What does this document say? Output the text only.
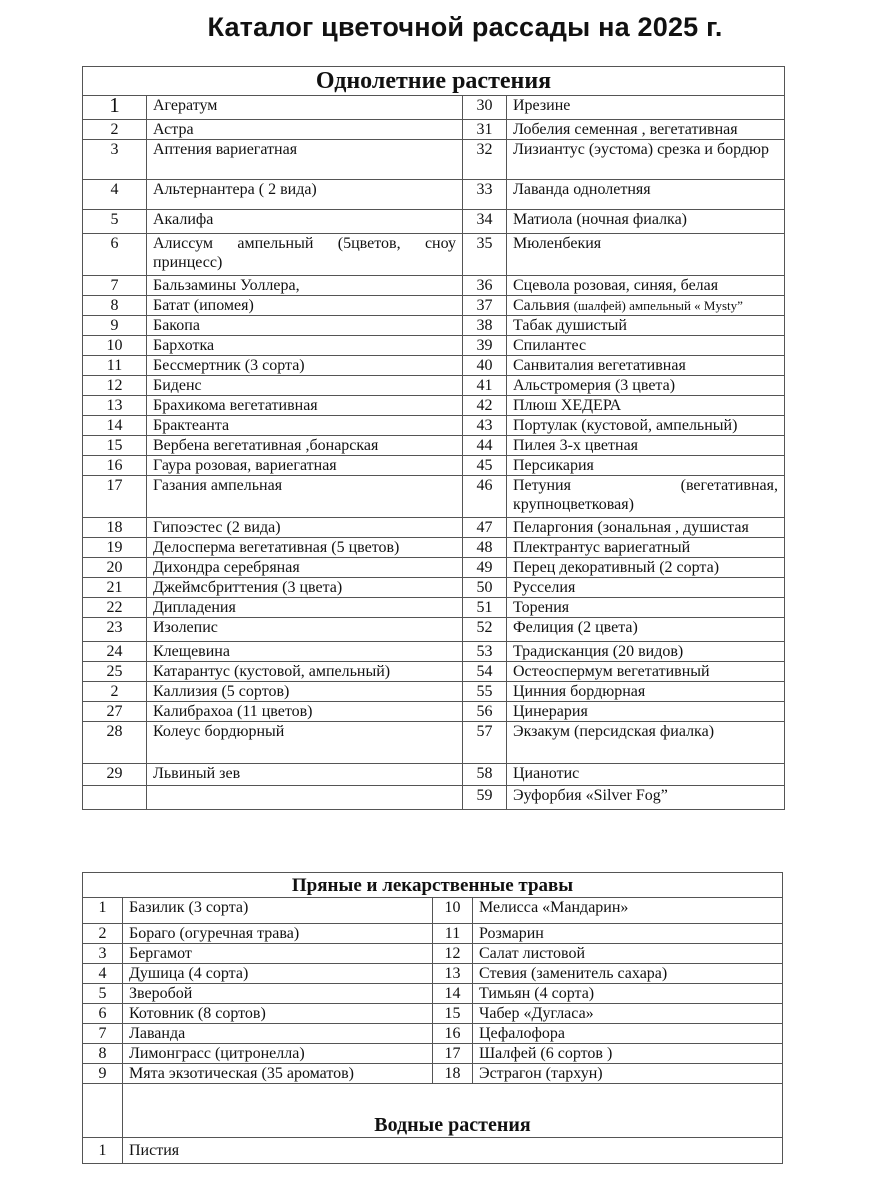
Каталог цветочной рассады на 2025 г.
Однолетние растения			
1	Агератум	30	Ирезине
2	Астра	31	Лобелия семенная , вегетативная
3	Аптения вариегатная	32	Лизиантус (эустома) срезка и бордюр
4	Альтернантера ( 2 вида)	33	Лаванда однолетняя
5	Акалифа	34	Матиола (ночная фиалка)
6	Алиссум ампельный (5цветов, сноу принцесс)	35	Мюленбекия
7	Бальзамины Уоллера,	36	Сцевола розовая, синяя, белая
8	Батат (ипомея)	37	Сальвия (шалфей) ампельный « Mysty”
9	Бакопа	38	Табак душистый
10	Бархотка	39	Спилантес
11	Бессмертник (3 сорта)	40	Санвиталия вегетативная
12	Биденс	41	Альстромерия (3 цвета)
13	Брахикома вегетативная	42	Плюш ХЕДЕРА
14	Брактеанта	43	Портулак (кустовой, ампельный)
15	Вербена вегетативная ,бонарская	44	Пилея 3-х цветная
16	Гаура розовая, вариегатная	45	Персикария
17	Газания ампельная	46	Петуния (вегетативная, крупноцветковая)
18	Гипоэстес (2 вида)	47	Пеларгония (зональная , душистая
19	Делосперма вегетативная (5 цветов)	48	Плектрантус вариегатный
20	Дихондра серебряная	49	Перец декоративный (2 сорта)
21	Джеймсбриттения (3 цвета)	50	Русселия
22	Дипладения	51	Торения
23	Изолепис	52	Фелиция (2 цвета)
24	Клещевина	53	Традисканция (20 видов)
25	Катарантус (кустовой, ампельный)	54	Остеоспермум вегетативный
2	Каллизия (5 сортов)	55	Цинния бордюрная
27	Калибрахоа (11 цветов)	56	Цинерария
28	Колеус бордюрный	57	Экзакум (персидская фиалка)
29	Львиный зев	58	Цианотис
		59	Эуфорбия «Silver Fog”
Пряные и лекарственные травы			
1	Базилик (3 сорта)	10	Мелисса «Мандарин»
2	Бораго (огуречная трава)	11	Розмарин
3	Бергамот	12	Салат листовой
4	Душица (4 сорта)	13	Стевия (заменитель сахара)
5	Зверобой	14	Тимьян (4 сорта)
6	Котовник (8 сортов)	15	Чабер «Дугласа»
7	Лаванда	16	Цефалофора
8	Лимонграсс (цитронелла)	17	Шалфей (6 сортов )
9	Мята экзотическая (35 ароматов)	18	Эстрагон (тархун)
	Водные растения		
1	Пистия		
